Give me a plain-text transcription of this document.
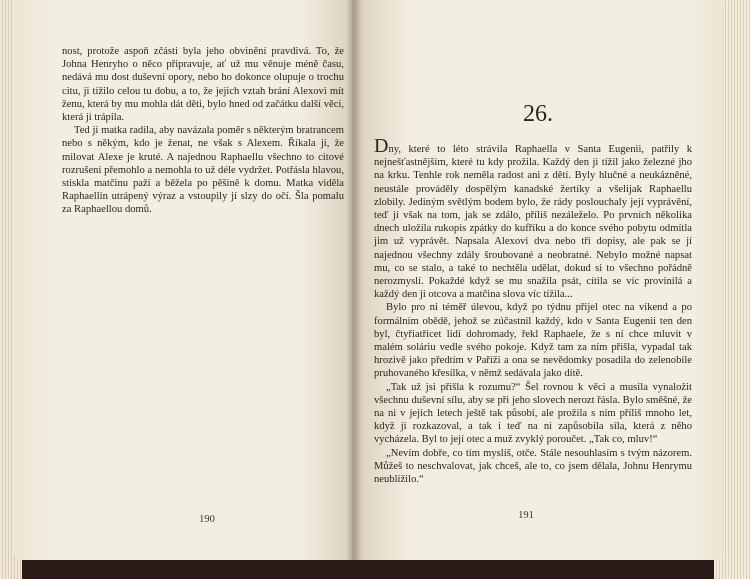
nost, protože aspoň zčásti byla jeho obvinění pravdivá. To, že Johna Henryho o něco připravuje, ať už mu věnuje méně času, nedává mu dost duševní opory, nebo ho dokonce olupuje o trochu citu, ji tížilo celou tu dobu, a to, že jejich vztah brání Alexovi mít ženu, která by mu mohla dát děti, bylo hned od začátku další věcí, která ji trápila.

Ted ji matka radila, aby navázala poměr s některým bratrancem nebo s někým, kdo je ženat, ne však s Alexem. Říkala jí, že milovat Alexe je kruté. A najednou Raphaellu všechno to citové rozrušení přemohlo a nemohla to už déle vydržet. Potřásla hlavou, stiskla matčinu paži a běžela po pěšině k domu. Matka viděla Raphaellin utrápený výraz a vstoupily jí slzy do očí. Šla pomalu za Raphaellou domů.

190
26.

Dny, které to léto strávila Raphaella v Santa Eugenii, patřily k nejnešťastnějším, které tu kdy prožila. Každý den ji tížil jako železné jho na krku. Tenhle rok neměla radost ani z dětí. Byly hlučné a neukázněné, neustále prováděly dospělým kanadské žertíky a všelijak Raphaellu zlobily. Jediným světlým bodem bylo, že rády poslouchaly její vyprávění, teď jí však na tom, jak se zdálo, příliš nezáleželo. Po prvních několika dnech uložila rukopis zpátky do kufříku a do konce svého pobytu odmítla jim už vyprávět. Napsala Alexovi dva nebo tři dopisy, ale pak se jí najednou všechny zdály šroubované a neobratné. Nebylo možné napsat mu, co se stalo, a také to nechtěla udělat, dokud si to všechno pořádně nerozmyslí. Pokaždé když se mu snažila psát, cítila se víc provinilá a každý den ji otcova a matčina slova víc tížila...

Bylo pro ni téměř úlevou, když po týdnu přijel otec na víkend a po formálním obědě, jehož se zúčastnil každý, kdo v Santa Eugenii ten den byl, čtyřiatřicet lidí dohromady, řekl Raphaele, že s ní chce mluvit v malém soláriu vedle svého pokoje. Když tam za ním přišla, vypadal tak hrozivě jako předtím v Paříži a ona se nevědomky posadila do zelenobíle pruhovaného křesílka, v němž sedávala jako dítě.

„Tak už jsi přišla k rozumu?“ Šel rovnou k věci a musila vynaložit všechnu duševní sílu, aby se při jeho slovech nerozt řásla. Bylo směšné, že na ni v jejích letech ještě tak působí, ale prožila s ním příliš mnoho let, když ji rozkazoval, a tak i teď na ni zapůsobila síla, která z něho vycházela. Byl to její otec a muž zvyklý poroučet. „Tak co, mluv!“

„Nevím dobře, co tím myslíš, otče. Stále nesouhlasím s tvým názorem. Můžeš to neschvalovat, jak chceš, ale to, co jsem dělala, Johnu Henrymu neublížilo.“

191
